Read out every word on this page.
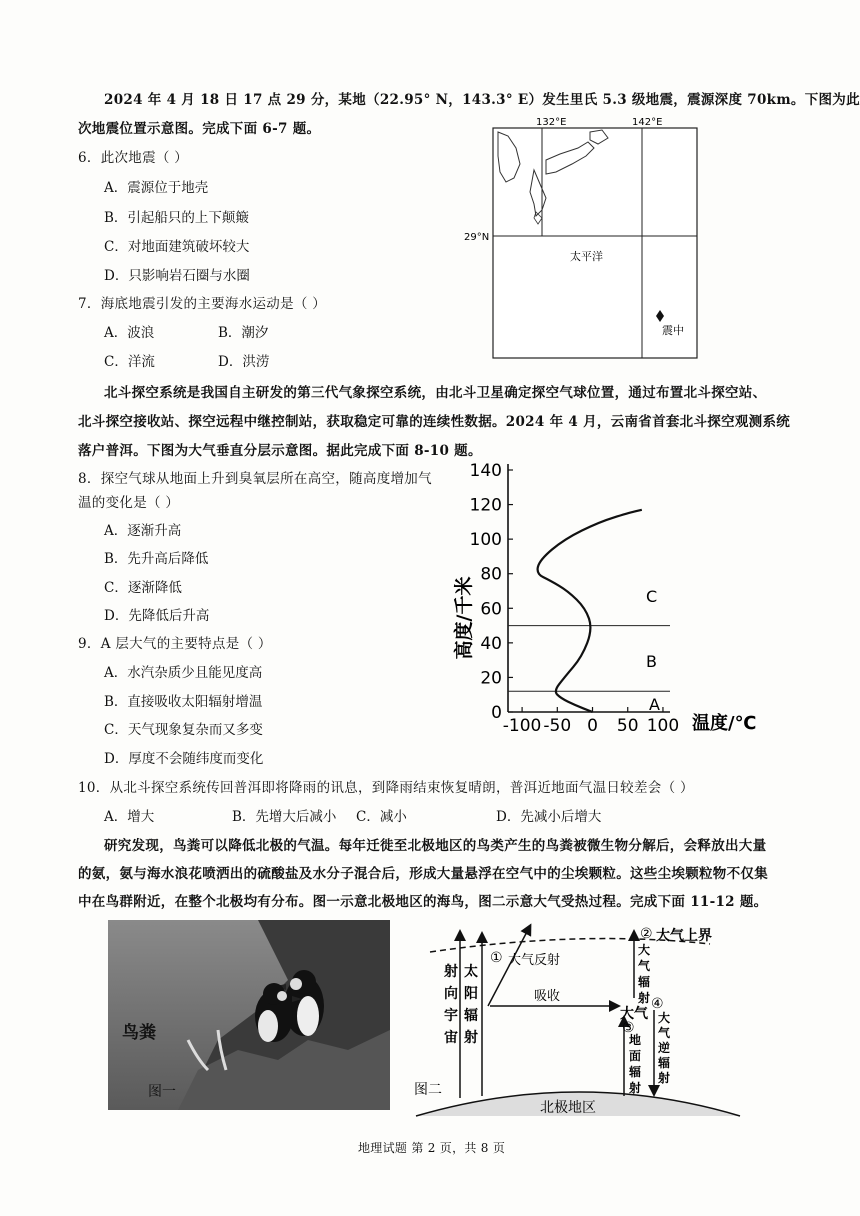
2024 年 4 月 18 日 17 点 29 分，某地（22.95° N，143.3° E）发生里氏 5.3 级地震，震源深度 70km。下图为此
次地震位置示意图。完成下面 6-7 题。
6．此次地震（ ）
A．震源位于地壳
B．引起船只的上下颠簸
C．对地面建筑破坏较大
D．只影响岩石圈与水圈
7．海底地震引发的主要海水运动是（ ）
A．波浪	B．潮汐
C．洋流	D．洪涝
132°E	142°E
29°N
太平洋
震中
北斗探空系统是我国自主研发的第三代气象探空系统，由北斗卫星确定探空气球位置，通过布置北斗探空站、
北斗探空接收站、探空远程中继控制站，获取稳定可靠的连续性数据。2024 年 4 月，云南省首套北斗探空观测系统
落户普洱。下图为大气垂直分层示意图。据此完成下面 8-10 题。
8．探空气球从地面上升到臭氧层所在高空，随高度增加气
温的变化是（ ）
A．逐渐升高
B．先升高后降低
C．逐渐降低
D．先降低后升高
9．A 层大气的主要特点是（ ）
A．水汽杂质少且能见度高
B．直接吸收太阳辐射增温
C．天气现象复杂而又多变
D．厚度不会随纬度而变化
0
20
40
60
80
100
120
140
-100 -50 0 50 100
高度/千米
温度/℃
A
B
C
10．从北斗探空系统传回普洱即将降雨的讯息，到降雨结束恢复晴朗，普洱近地面气温日较差会（ ）
A．增大	B．先增大后减小 C．减小	D．先减小后增大
研究发现，鸟粪可以降低北极的气温。每年迁徙至北极地区的鸟类产生的鸟粪被微生物分解后，会释放出大量
的氨，氨与海水浪花喷洒出的硫酸盐及水分子混合后，形成大量悬浮在空气中的尘埃颗粒。这些尘埃颗粒物不仅集
中在鸟群附近，在整个北极均有分布。图一示意北极地区的海鸟，图二示意大气受热过程。完成下面 11-12 题。
鸟粪
图一
①
②
③
④
大气上界
大气反射
吸收
大气
北极地区
图二
射
向
宇
宙
太
阳
辐
射
大
气
辐
射
地
面
辐
射
大
气
逆
辐
射
地理试题 第 2 页，共 8 页
